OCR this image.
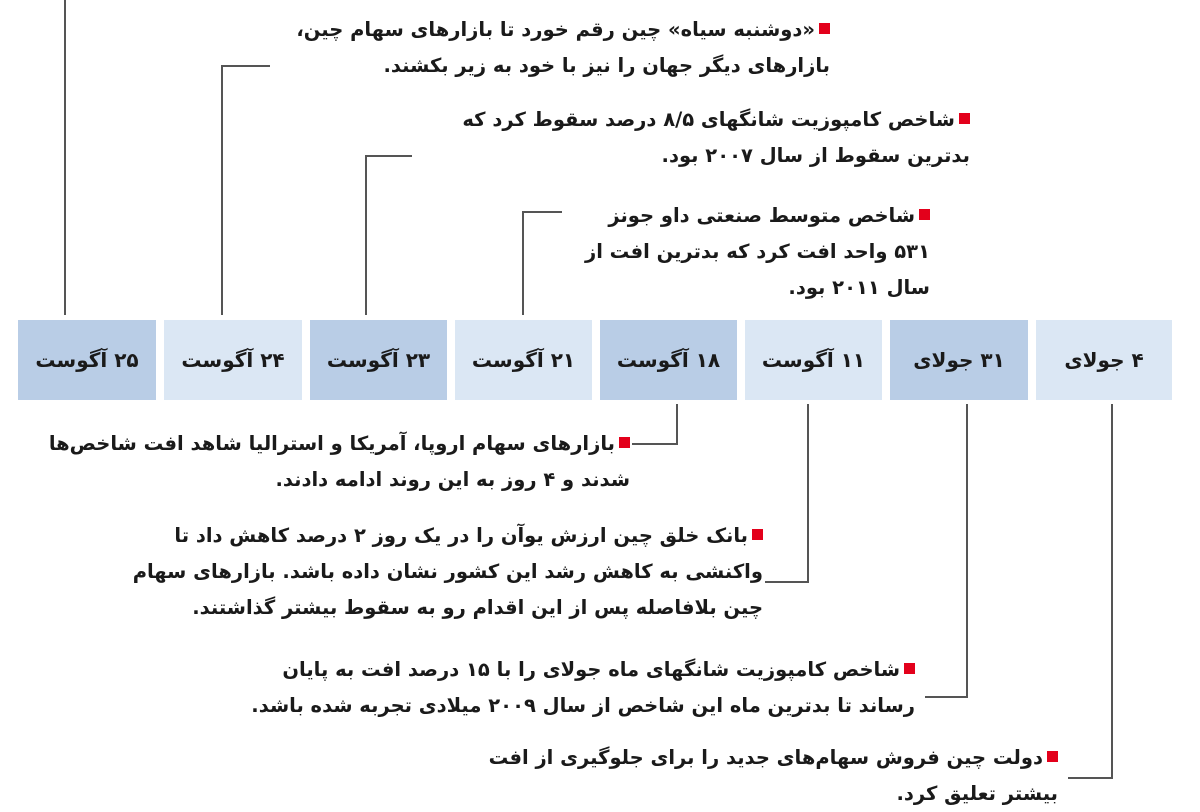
۴ جولای
۳۱ جولای
۱۱ آگوست
۱۸ آگوست
۲۱ آگوست
۲۳ آگوست
۲۴ آگوست
۲۵ آگوست
«دوشنبه سیاه» چین رقم خورد تا بازارهای سهام چین،
بازارهای دیگر جهان را نیز با خود به زیر بکشند.
شاخص کامپوزیت شانگهای ۸/۵ درصد سقوط کرد که
بدترین سقوط از سال ۲۰۰۷ بود.
شاخص متوسط صنعتی داو جونز
۵۳۱ واحد افت کرد که بدترین افت از
سال ۲۰۱۱ بود.
بازارهای سهام اروپا، آمریکا و استرالیا شاهد افت شاخص‌ها
شدند و ۴ روز به این روند ادامه دادند.
بانک خلق چین ارزش یوآن را در یک روز ۲ درصد کاهش داد تا
واکنشی به کاهش رشد این کشور نشان داده باشد. بازارهای سهام
چین بلافاصله پس از این اقدام رو به سقوط بیشتر گذاشتند.
شاخص کامپوزیت شانگهای ماه جولای را با ۱۵ درصد افت به پایان
رساند تا بدترین ماه این شاخص از سال ۲۰۰۹ میلادی تجربه شده باشد.
دولت چین فروش سهام‌های جدید را برای جلوگیری از افت
بیشتر تعلیق کرد.
